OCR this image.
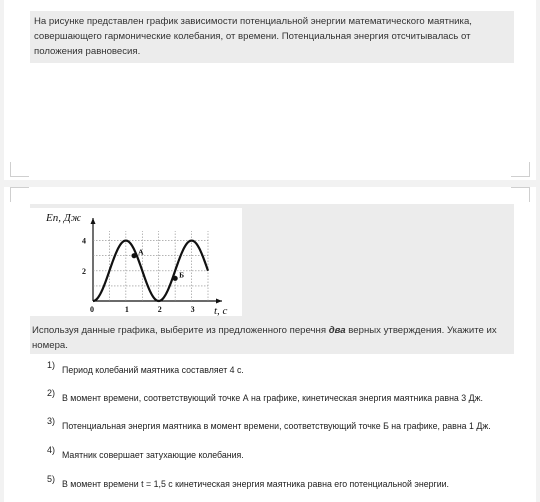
На рисунке представлен график зависимости потенциальной энергии математического маятника, совершающего гармонические колебания, от времени. Потенциальная энергия отсчитывалась от положения равновесия.
0	1	2	3
2
4
Eп, Дж
t, с
А
Б
Используя данные графика, выберите из предложенного перечня два верных утверждения. Укажите их номера.
1) Период колебаний маятника составляет 4 с.
2) В момент времени, соответствующий точке А на графике, кинетическая энергия маятника равна 3 Дж.
3) Потенциальная энергия маятника в момент времени, соответствующий точке Б на графике, равна 1 Дж.
4) Маятник совершает затухающие колебания.
5) В момент времени t = 1,5 с кинетическая энергия маятника равна его потенциальной энергии.
